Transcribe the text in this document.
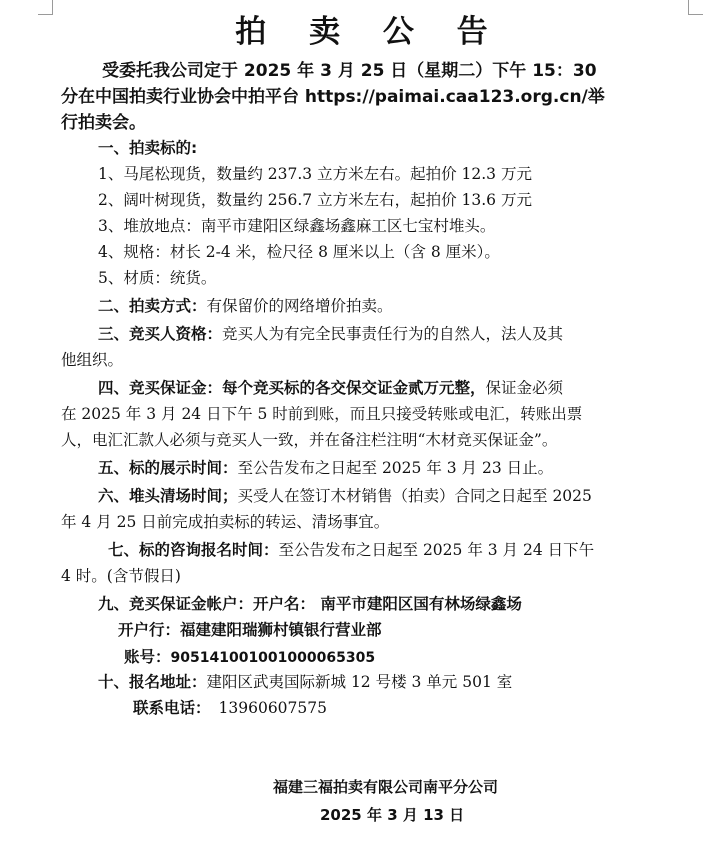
拍 卖 公 告
受委托我公司定于 2025 年 3 月 25 日（星期二）下午 15：30
分在中国拍卖行业协会中拍平台 https://paimai.caa123.org.cn/举
行拍卖会。
一、拍卖标的:
1、马尾松现货，数量约 237.3 立方米左右。起拍价 12.3 万元
2、阔叶树现货，数量约 256.7 立方米左右，起拍价 13.6 万元
3、堆放地点：南平市建阳区绿鑫场鑫麻工区七宝村堆头。
4、规格：材长 2-4 米，检尺径 8 厘米以上（含 8 厘米）。
5、材质：统货。
二、拍卖方式：有保留价的网络增价拍卖。
三、竞买人资格：竞买人为有完全民事责任行为的自然人，法人及其
他组织。
四、竞买保证金：每个竞买标的各交保交证金贰万元整，保证金必须
在 2025 年 3 月 24 日下午 5 时前到账，而且只接受转账或电汇，转账出票
人，电汇汇款人必须与竞买人一致，并在备注栏注明“木材竞买保证金”。
五、标的展示时间：至公告发布之日起至 2025 年 3 月 23 日止。
六、堆头清场时间；买受人在签订木材销售（拍卖）合同之日起至 2025
年 4 月 25 日前完成拍卖标的转运、清场事宜。
七、标的咨询报名时间：至公告发布之日起至 2025 年 3 月 24 日下午
4 时。(含节假日)
九、竞买保证金帐户：开户名： 南平市建阳区国有林场绿鑫场
开户行：福建建阳瑞狮村镇银行营业部
账号：905141001001000065305
十、报名地址：建阳区武夷国际新城 12 号楼 3 单元 501 室
联系电话： 13960607575
福建三福拍卖有限公司南平分公司
2025 年 3 月 13 日
